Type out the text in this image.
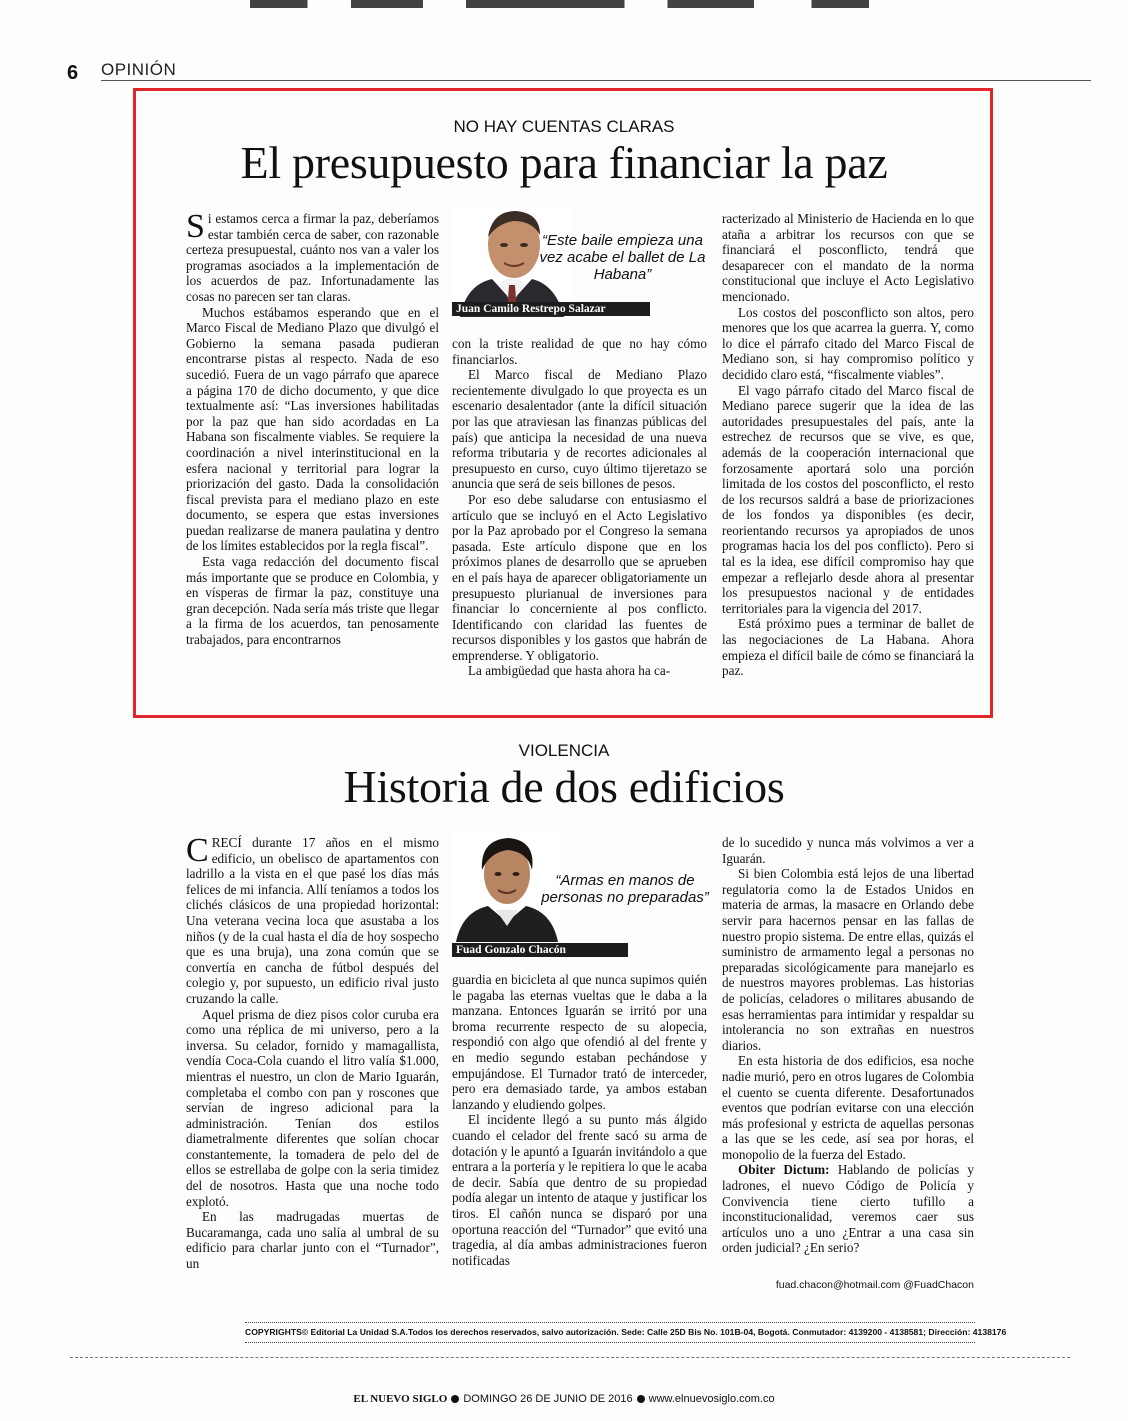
6 OPINIÓN
NO HAY CUENTAS CLARAS
El presupuesto para financiar la paz

Si estamos cerca a firmar la paz, deberíamos estar también cerca de saber, con razonable certeza presupuestal, cuánto nos van a valer los programas asociados a la implementación de los acuerdos de paz. Infortunadamente las cosas no parecen ser tan claras.

Muchos estábamos esperando que en el Marco Fiscal de Mediano Plazo que divulgó el Gobierno la semana pasada pudieran encontrarse pistas al respecto. Nada de eso sucedió. Fuera de un vago párrafo que aparece a página 170 de dicho documento, y que dice textualmente así: “Las inversiones habilitadas por la paz que han sido acordadas en La Habana son fiscalmente viables. Se requiere la coordinación a nivel interinstitucional en la esfera nacional y territorial para lograr la priorización del gasto. Dada la consolidación fiscal prevista para el mediano plazo en este documento, se espera que estas inversiones puedan realizarse de manera paulatina y dentro de los límites establecidos por la regla fiscal”.

Esta vaga redacción del documento fiscal más importante que se produce en Colombia, y en vísperas de firmar la paz, constituye una gran decepción. Nada sería más triste que llegar a la firma de los acuerdos, tan penosamente trabajados, para encontrarnos

Juan Camilo Restrepo Salazar
“Este baile empieza una vez acabe el ballet de La Habana”

con la triste realidad de que no hay cómo financiarlos.

El Marco fiscal de Mediano Plazo recientemente divulgado lo que proyecta es un escenario desalentador (ante la difícil situación por las que atraviesan las finanzas públicas del país) que anticipa la necesidad de una nueva reforma tributaria y de recortes adicionales al presupuesto en curso, cuyo último tijeretazo se anuncia que será de seis billones de pesos.

Por eso debe saludarse con entusiasmo el artículo que se incluyó en el Acto Legislativo por la Paz aprobado por el Congreso la semana pasada. Este artículo dispone que en los próximos planes de desarrollo que se aprueben en el país haya de aparecer obligatoriamente un presupuesto plurianual de inversiones para financiar lo concerniente al pos conflicto. Identificando con claridad las fuentes de recursos disponibles y los gastos que habrán de emprenderse. Y obligatorio.

La ambigüedad que hasta ahora ha ca-

racterizado al Ministerio de Hacienda en lo que ataña a arbitrar los recursos con que se financiará el posconflicto, tendrá que desaparecer con el mandato de la norma constitucional que incluye el Acto Legislativo mencionado.

Los costos del posconflicto son altos, pero menores que los que acarrea la guerra. Y, como lo dice el párrafo citado del Marco Fiscal de Mediano son, si hay compromiso político y decidido claro está, “fiscalmente viables”.

El vago párrafo citado del Marco fiscal de Mediano parece sugerir que la idea de las autoridades presupuestales del país, ante la estrechez de recursos que se vive, es que, además de la cooperación internacional que forzosamente aportará solo una porción limitada de los costos del posconflicto, el resto de los recursos saldrá a base de priorizaciones de los fondos ya disponibles (es decir, reorientando recursos ya apropiados de unos programas hacia los del pos conflicto). Pero si tal es la idea, ese difícil compromiso hay que empezar a reflejarlo desde ahora al presentar los presupuestos nacional y de entidades territoriales para la vigencia del 2017.

Está próximo pues a terminar de ballet de las negociaciones de La Habana. Ahora empieza el difícil baile de cómo se financiará la paz.

VIOLENCIA
Historia de dos edificios

CRECÍ durante 17 años en el mismo edificio, un obelisco de apartamentos con ladrillo a la vista en el que pasé los días más felices de mi infancia. Allí teníamos a todos los clichés clásicos de una propiedad horizontal: Una veterana vecina loca que asustaba a los niños (y de la cual hasta el día de hoy sospecho que es una bruja), una zona común que se convertía en cancha de fútbol después del colegio y, por supuesto, un edificio rival justo cruzando la calle.

Aquel prisma de diez pisos color curuba era como una réplica de mi universo, pero a la inversa. Su celador, fornido y mamagallista, vendía Coca-Cola cuando el litro valía $1.000, mientras el nuestro, un clon de Mario Iguarán, completaba el combo con pan y roscones que servían de ingreso adicional para la administración. Tenían dos estilos diametralmente diferentes que solían chocar constantemente, la tomadera de pelo del de ellos se estrellaba de golpe con la seria timidez del de nosotros. Hasta que una noche todo explotó.

En las madrugadas muertas de Bucaramanga, cada uno salía al umbral de su edificio para charlar junto con el “Turnador”, un

Fuad Gonzalo Chacón
“Armas en manos de personas no preparadas”

guardia en bicicleta al que nunca supimos quién le pagaba las eternas vueltas que le daba a la manzana. Entonces Iguarán se irritó por una broma recurrente respecto de su alopecia, respondió con algo que ofendió al del frente y en medio segundo estaban pechándose y empujándose. El Turnador trató de interceder, pero era demasiado tarde, ya ambos estaban lanzando y eludiendo golpes.

El incidente llegó a su punto más álgido cuando el celador del frente sacó su arma de dotación y le apuntó a Iguarán invitándolo a que entrara a la portería y le repitiera lo que le acaba de decir. Sabía que dentro de su propiedad podía alegar un intento de ataque y justificar los tiros. El cañón nunca se disparó por una oportuna reacción del “Turnador” que evitó una tragedia, al día ambas administraciones fueron notificadas

de lo sucedido y nunca más volvimos a ver a Iguarán.

Si bien Colombia está lejos de una libertad regulatoria como la de Estados Unidos en materia de armas, la masacre en Orlando debe servir para hacernos pensar en las fallas de nuestro propio sistema. De entre ellas, quizás el suministro de armamento legal a personas no preparadas sicológicamente para manejarlo es de nuestros mayores problemas. Las historias de policías, celadores o militares abusando de esas herramientas para intimidar y respaldar su intolerancia no son extrañas en nuestros diarios.

En esta historia de dos edificios, esa noche nadie murió, pero en otros lugares de Colombia el cuento se cuenta diferente. Desafortunados eventos que podrían evitarse con una elección más profesional y estricta de aquellas personas a las que se les cede, así sea por horas, el monopolio de la fuerza del Estado.

Obiter Dictum: Hablando de policías y ladrones, el nuevo Código de Policía y Convivencia tiene cierto tufillo a inconstitucionalidad, veremos caer sus artículos uno a uno ¿Entrar a una casa sin orden judicial? ¿En serio?

fuad.chacon@hotmail.com @FuadChacon
COPYRIGHTS© Editorial La Unidad S.A.Todos los derechos reservados, salvo autorización. Sede: Calle 25D Bis No. 101B-04, Bogotá. Conmutador: 4139200 - 4138581; Dirección: 4138176
EL NUEVO SIGLO DOMINGO 26 DE JUNIO DE 2016 www.elnuevosiglo.com.co
